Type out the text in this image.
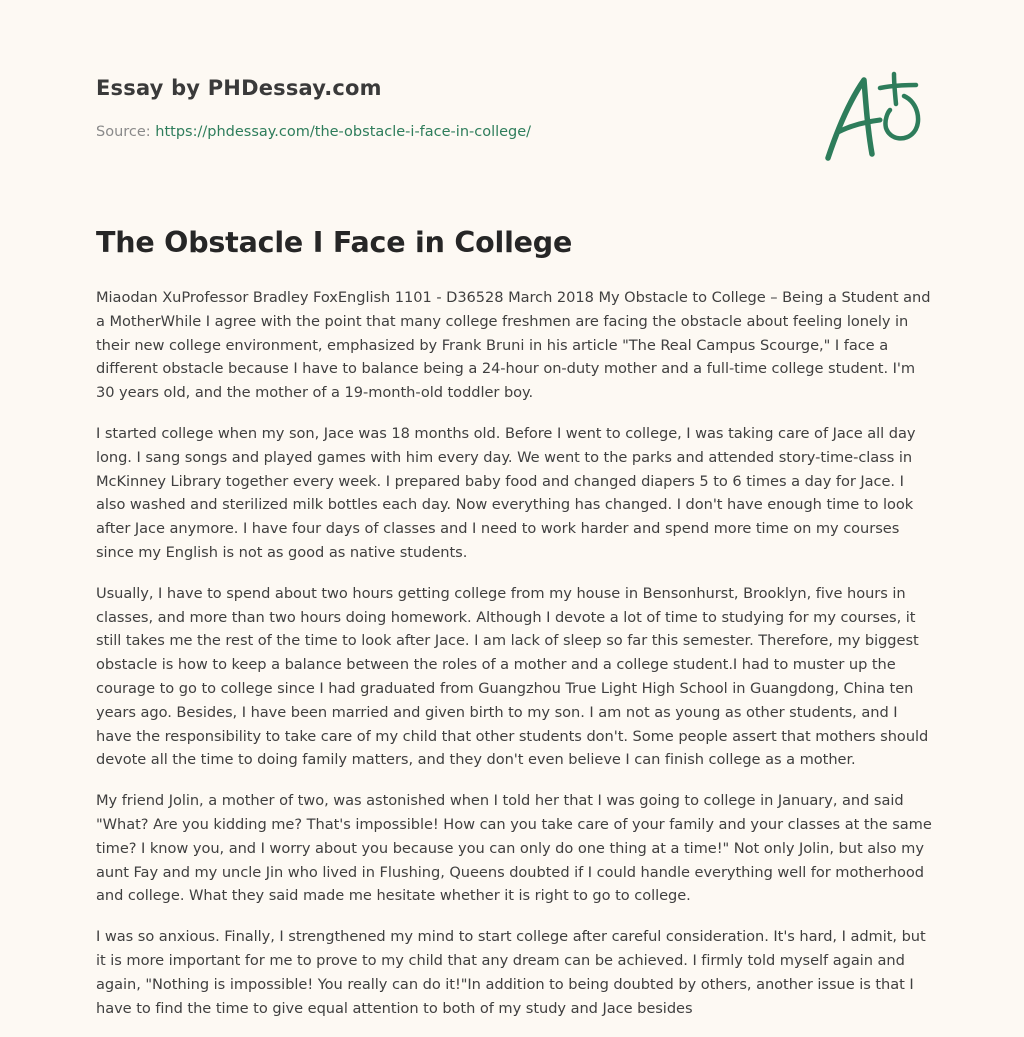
Essay by PHDessay.com
Source: https://phdessay.com/the-obstacle-i-face-in-college/
The Obstacle I Face in College

Miaodan XuProfessor Bradley FoxEnglish 1101 - D36528 March 2018 My Obstacle to College – Being a Student and a MotherWhile I agree with the point that many college freshmen are facing the obstacle about feeling lonely in their new college environment, emphasized by Frank Bruni in his article "The Real Campus Scourge," I face a different obstacle because I have to balance being a 24-hour on-duty mother and a full-time college student. I'm 30 years old, and the mother of a 19-month-old toddler boy.

I started college when my son, Jace was 18 months old. Before I went to college, I was taking care of Jace all day long. I sang songs and played games with him every day. We went to the parks and attended story-time-class in McKinney Library together every week. I prepared baby food and changed diapers 5 to 6 times a day for Jace. I also washed and sterilized milk bottles each day. Now everything has changed. I don't have enough time to look after Jace anymore. I have four days of classes and I need to work harder and spend more time on my courses since my English is not as good as native students.

Usually, I have to spend about two hours getting college from my house in Bensonhurst, Brooklyn, five hours in classes, and more than two hours doing homework. Although I devote a lot of time to studying for my courses, it still takes me the rest of the time to look after Jace. I am lack of sleep so far this semester. Therefore, my biggest obstacle is how to keep a balance between the roles of a mother and a college student.I had to muster up the courage to go to college since I had graduated from Guangzhou True Light High School in Guangdong, China ten years ago. Besides, I have been married and given birth to my son. I am not as young as other students, and I have the responsibility to take care of my child that other students don't. Some people assert that mothers should devote all the time to doing family matters, and they don't even believe I can finish college as a mother.

My friend Jolin, a mother of two, was astonished when I told her that I was going to college in January, and said "What? Are you kidding me? That's impossible! How can you take care of your family and your classes at the same time? I know you, and I worry about you because you can only do one thing at a time!" Not only Jolin, but also my aunt Fay and my uncle Jin who lived in Flushing, Queens doubted if I could handle everything well for motherhood and college. What they said made me hesitate whether it is right to go to college.

I was so anxious. Finally, I strengthened my mind to start college after careful consideration. It's hard, I admit, but it is more important for me to prove to my child that any dream can be achieved. I firmly told myself again and again, "Nothing is impossible! You really can do it!"In addition to being doubted by others, another issue is that I have to find the time to give equal attention to both of my study and Jace besides
